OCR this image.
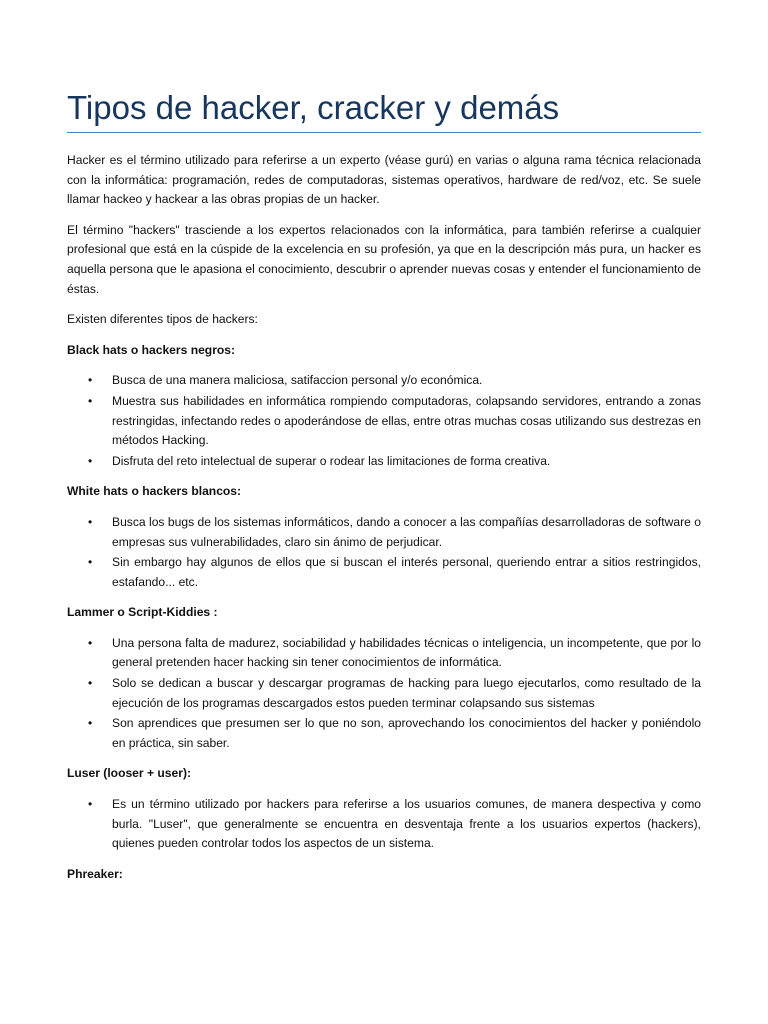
Tipos de hacker, cracker y demás

Hacker es el término utilizado para referirse a un experto (véase gurú) en varias o alguna rama técnica relacionada con la informática: programación, redes de computadoras, sistemas operativos, hardware de red/voz, etc. Se suele llamar hackeo y hackear a las obras propias de un hacker.

El término "hackers" trasciende a los expertos relacionados con la informática, para también referirse a cualquier profesional que está en la cúspide de la excelencia en su profesión, ya que en la descripción más pura, un hacker es aquella persona que le apasiona el conocimiento, descubrir o aprender nuevas cosas y entender el funcionamiento de éstas.

Existen diferentes tipos de hackers:

Black hats o hackers negros:

• Busca de una manera maliciosa, satifaccion personal y/o económica.
• Muestra sus habilidades en informática rompiendo computadoras, colapsando servidores, entrando a zonas restringidas, infectando redes o apoderándose de ellas, entre otras muchas cosas utilizando sus destrezas en métodos Hacking.
• Disfruta del reto intelectual de superar o rodear las limitaciones de forma creativa.

White hats o hackers blancos:

• Busca los bugs de los sistemas informáticos, dando a conocer a las compañías desarrolladoras de software o empresas sus vulnerabilidades, claro sin ánimo de perjudicar.
• Sin embargo hay algunos de ellos que si buscan el interés personal, queriendo entrar a sitios restringidos, estafando... etc.

Lammer o Script-Kiddies :

• Una persona falta de madurez, sociabilidad y habilidades técnicas o inteligencia, un incompetente, que por lo general pretenden hacer hacking sin tener conocimientos de informática.
• Solo se dedican a buscar y descargar programas de hacking para luego ejecutarlos, como resultado de la ejecución de los programas descargados estos pueden terminar colapsando sus sistemas
• Son aprendices que presumen ser lo que no son, aprovechando los conocimientos del hacker y poniéndolo en práctica, sin saber.

Luser (looser + user):

• Es un término utilizado por hackers para referirse a los usuarios comunes, de manera despectiva y como burla. "Luser", que generalmente se encuentra en desventaja frente a los usuarios expertos (hackers), quienes pueden controlar todos los aspectos de un sistema.

Phreaker:
